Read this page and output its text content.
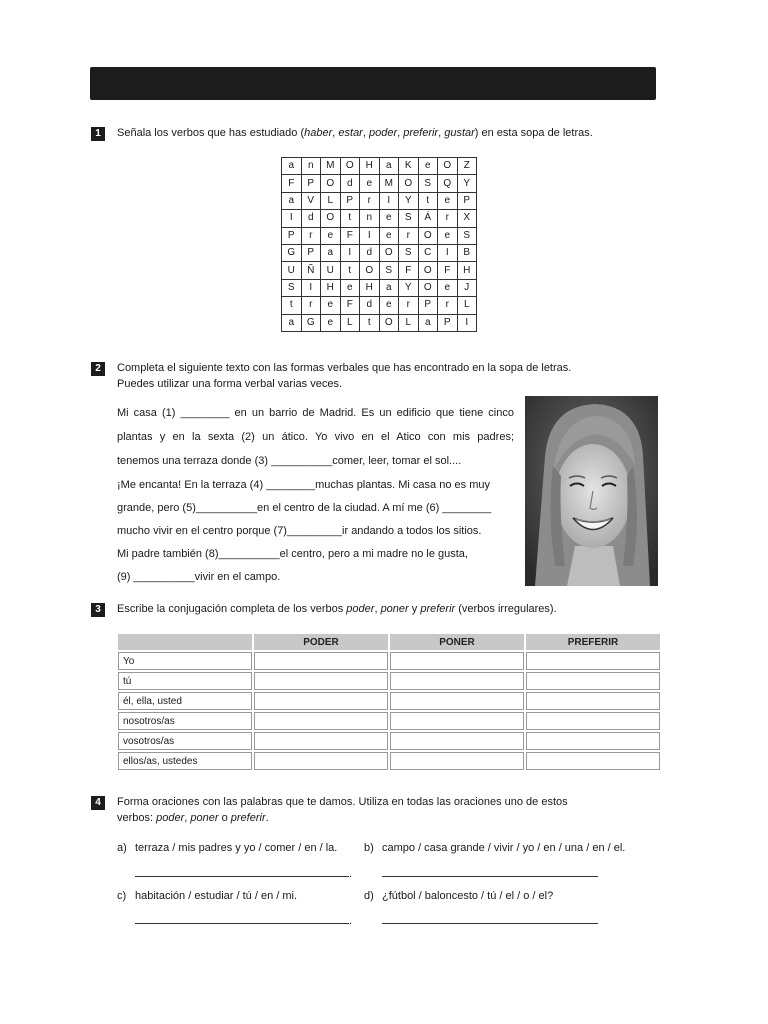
1	Señala los verbos que has estudiado (haber, estar, poder, preferir, gustar) en esta sopa de letras.
a	n	M	O	H	a	K	e	O	Z
F	P	O	d	e	M	O	S	Q	Y
a	V	L	P	r	I	Y	t	e	P
I	d	O	t	n	e	S	Á	r	X
P	r	e	F	I	e	r	O	e	S
G	P	a	I	d	O	S	C	I	B
U	Ñ	U	t	O	S	F	O	F	H
S	I	H	e	H	a	Y	O	e	J
t	r	e	F	d	e	r	P	r	L
a	G	e	L	t	O	L	a	P	I
2	Completa el siguiente texto con las formas verbales que has encontrado en la sopa de letras.
Puedes utilizar una forma verbal varias veces.
Mi casa (1) ________ en un barrio de Madrid. Es un edificio que tiene cinco
plantas y en la sexta (2) un ático. Yo vivo en el Atico con mis padres;
tenemos una terraza donde (3) __________comer, leer, tomar el sol....
¡Me encanta! En la terraza (4) ________muchas plantas. Mi casa no es muy
grande, pero (5)__________en el centro de la ciudad. A mí me (6) ________
mucho vivir en el centro porque (7)_________ir andando a todos los sitios.
Mi padre también (8)__________el centro, pero a mi madre no le gusta,
(9) __________vivir en el campo.
3	Escribe la conjugación completa de los verbos poder, poner y preferir (verbos irregulares).
	PODER	PONER	PREFERIR
Yo			
tú			
él, ella, usted			
nosotros/as			
vosotros/as			
ellos/as, ustedes			
4	Forma oraciones con las palabras que te damos. Utiliza en todas las oraciones uno de estos
verbos: poder, poner o preferir.
a) terraza / mis padres y yo / comer / en / la. b) campo / casa grande / vivir / yo / en / una / en / el.
.
c) habitación / estudiar / tú / en / mi.	d) ¿fútbol / baloncesto / tú / el / o / el?
.
